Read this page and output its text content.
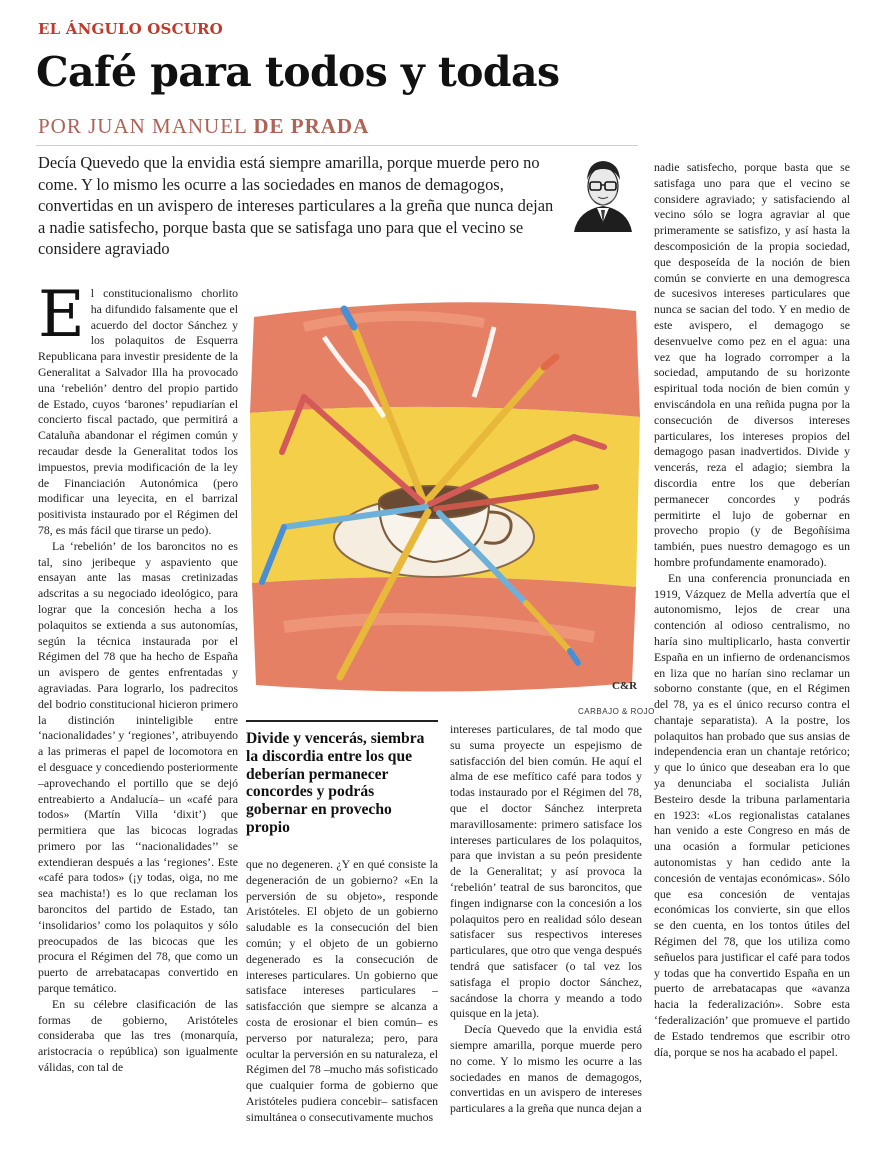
EL ÁNGULO OSCURO
Café para todos y todas
POR JUAN MANUEL DE PRADA
Decía Quevedo que la envidia está siempre amarilla, porque muerde pero no come. Y lo mismo les ocurre a las sociedades en manos de demagogos, convertidas en un avispero de intereses particulares a la greña que nunca dejan a nadie satisfecho, porque basta que se satisfaga uno para que el vecino se considere agraviado

El constitucionalismo chorlito ha difundido falsamente que el acuerdo del doctor Sánchez y los polaquitos de Esquerra Republicana para investir presidente de la Generalitat a Salvador Illa ha provocado una ‘rebelión’ dentro del propio partido de Estado, cuyos ‘barones’ repudiarían el concierto fiscal pactado, que permitirá a Cataluña abandonar el régimen común y recaudar desde la Generalitat todos los impuestos, previa modificación de la ley de Financiación Autonómica (pero modificar una leyecita, en el barrizal positivista instaurado por el Régimen del 78, es más fácil que tirarse un pedo).

La ‘rebelión’ de los baroncitos no es tal, sino jeribeque y aspaviento que ensayan ante las masas cretinizadas adscritas a su negociado ideológico, para lograr que la concesión hecha a los polaquitos se extienda a sus autonomías, según la técnica instaurada por el Régimen del 78 que ha hecho de España un avispero de gentes enfrentadas y agraviadas. Para lograrlo, los padrecitos del bodrio constitucional hicieron primero la distinción ininteligible entre ‘nacionalidades’ y ‘regiones’, atribuyendo a las primeras el papel de locomotora en el desguace y concediendo posteriormente –aprovechando el portillo que se dejó entreabierto a Andalucía– un «café para todos» (Martín Villa ‘dixit’) que permitiera que las bicocas logradas primero por las ‘‘nacionalidades’’ se extendieran después a las ‘regiones’. Este «café para todos» (¡y todas, oiga, no me sea machista!) es lo que reclaman los baroncitos del partido de Estado, tan ‘insolidarios’ como los polaquitos y sólo preocupados de las bicocas que les procura el Régimen del 78, que como un puerto de arrebatacapas convertido en parque temático.

En su célebre clasificación de las formas de gobierno, Aristóteles consideraba que las tres (monarquía, aristocracia o república) son igualmente válidas, con tal de

C&R
CARBAJO & ROJO
Divide y vencerás, siembra la discordia entre los que deberían permanecer concordes y podrás gobernar en provecho propio

que no degeneren. ¿Y en qué consiste la degeneración de un gobierno? «En la perversión de su objeto», responde Aristóteles. El objeto de un gobierno saludable es la consecución del bien común; y el objeto de un gobierno degenerado es la consecución de intereses particulares. Un gobierno que satisface intereses particulares –satisfacción que siempre se alcanza a costa de erosionar el bien común– es perverso por naturaleza; pero, para ocultar la perversión en su naturaleza, el Régimen del 78 –mucho más sofisticado que cualquier forma de gobierno que Aristóteles pudiera concebir– satisfacen simultánea o consecutivamente muchos

intereses particulares, de tal modo que su suma proyecte un espejismo de satisfacción del bien común. He aquí el alma de ese mefítico café para todos y todas instaurado por el Régimen del 78, que el doctor Sánchez interpreta maravillosamente: primero satisface los intereses particulares de los polaquitos, para que invistan a su peón presidente de la Generalitat; y así provoca la ‘rebelión’ teatral de sus baroncitos, que fingen indignarse con la concesión a los polaquitos pero en realidad sólo desean satisfacer sus respectivos intereses particulares, que otro que venga después tendrá que satisfacer (o tal vez los satisfaga el propio doctor Sánchez, sacándose la chorra y meando a todo quisque en la jeta).

Decía Quevedo que la envidia está siempre amarilla, porque muerde pero no come. Y lo mismo les ocurre a las sociedades en manos de demagogos, convertidas en un avispero de intereses particulares a la greña que nunca dejan a

nadie satisfecho, porque basta que se satisfaga uno para que el vecino se considere agraviado; y satisfaciendo al vecino sólo se logra agraviar al que primeramente se satisfizo, y así hasta la descomposición de la propia sociedad, que desposeída de la noción de bien común se convierte en una demogresca de sucesivos intereses particulares que nunca se sacian del todo. Y en medio de este avispero, el demagogo se desenvuelve como pez en el agua: una vez que ha logrado corromper a la sociedad, amputando de su horizonte espiritual toda noción de bien común y enviscándola en una reñida pugna por la consecución de diversos intereses particulares, los intereses propios del demagogo pasan inadvertidos. Divide y vencerás, reza el adagio; siembra la discordia entre los que deberían permanecer concordes y podrás permitirte el lujo de gobernar en provecho propio (y de Begoñísima también, pues nuestro demagogo es un hombre profundamente enamorado).

En una conferencia pronunciada en 1919, Vázquez de Mella advertía que el autonomismo, lejos de crear una contención al odioso centralismo, no haría sino multiplicarlo, hasta convertir España en un infierno de ordenancismos en liza que no harían sino reclamar un soborno constante (que, en el Régimen del 78, ya es el único recurso contra el chantaje separatista). A la postre, los polaquitos han probado que sus ansias de independencia eran un chantaje retórico; y que lo único que deseaban era lo que ya denunciaba el socialista Julián Besteiro desde la tribuna parlamentaria en 1923: «Los regionalistas catalanes han venido a este Congreso en más de una ocasión a formular peticiones autonomistas y han cedido ante la concesión de ventajas económicas». Sólo que esa concesión de ventajas económicas los convierte, sin que ellos se den cuenta, en los tontos útiles del Régimen del 78, que los utiliza como señuelos para justificar el café para todos y todas que ha convertido España en un puerto de arrebatacapas que «avanza hacia la federalización». Sobre esta ‘federalización’ que promueve el partido de Estado tendremos que escribir otro día, porque se nos ha acabado el papel.
